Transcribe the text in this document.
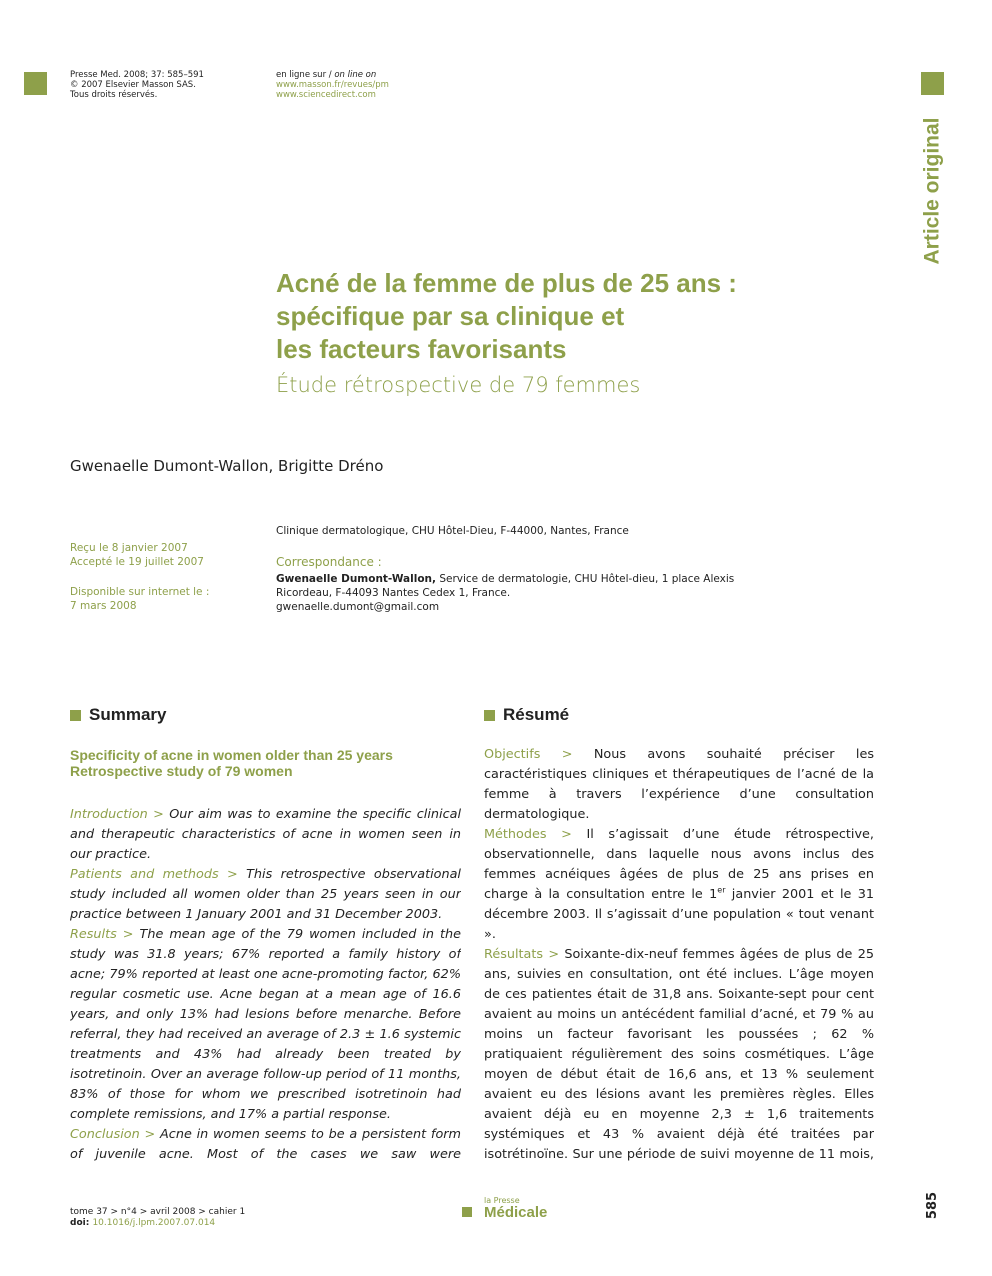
Presse Med. 2008; 37: 585–591
© 2007 Elsevier Masson SAS.
Tous droits réservés.
en ligne sur / on line on
www.masson.fr/revues/pm
www.sciencedirect.com
Article original
Acné de la femme de plus de 25 ans :
spécifique par sa clinique et
les facteurs favorisants
Étude rétrospective de 79 femmes
Gwenaelle Dumont-Wallon, Brigitte Dréno
Clinique dermatologique, CHU Hôtel-Dieu, F-44000, Nantes, France
Reçu le 8 janvier 2007
Accepté le 19 juillet 2007
Disponible sur internet le :
7 mars 2008
Correspondance :
Gwenaelle Dumont-Wallon, Service de dermatologie, CHU Hôtel-dieu, 1 place Alexis
Ricordeau, F-44093 Nantes Cedex 1, France.
gwenaelle.dumont@gmail.com
Summary	Résumé
Specificity of acne in women older than 25 years
Retrospective study of 79 women

Introduction > Our aim was to examine the specific clinical and therapeutic characteristics of acne in women seen in our practice.

Patients and methods > This retrospective observational study included all women older than 25 years seen in our practice between 1 January 2001 and 31 December 2003.

Results > The mean age of the 79 women included in the study was 31.8 years; 67% reported a family history of acne; 79% reported at least one acne-promoting factor, 62% regular cosmetic use. Acne began at a mean age of 16.6 years, and only 13% had lesions before menarche. Before referral, they had received an average of 2.3 ± 1.6 systemic treatments and 43% had already been treated by isotretinoin. Over an average follow-up period of 11 months, 83% of those for whom we prescribed isotretinoin had complete remissions, and 17% a partial response.

Conclusion > Acne in women seems to be a persistent form of juvenile acne. Most of the cases we saw were

Objectifs > Nous avons souhaité préciser les caractéristiques cliniques et thérapeutiques de l’acné de la femme à travers l’expérience d’une consultation dermatologique.

Méthodes > Il s’agissait d’une étude rétrospective, observationnelle, dans laquelle nous avons inclus des femmes acnéiques âgées de plus de 25 ans prises en charge à la consultation entre le 1er janvier 2001 et le 31 décembre 2003. Il s’agissait d’une population « tout venant ».

Résultats > Soixante-dix-neuf femmes âgées de plus de 25 ans, suivies en consultation, ont été inclues. L’âge moyen de ces patientes était de 31,8 ans. Soixante-sept pour cent avaient au moins un antécédent familial d’acné, et 79 % au moins un facteur favorisant les poussées ; 62 % pratiquaient régulièrement des soins cosmétiques. L’âge moyen de début était de 16,6 ans, et 13 % seulement avaient eu des lésions avant les premières règles. Elles avaient déjà eu en moyenne 2,3 ± 1,6 traitements systémiques et 43 % avaient déjà été traitées par isotrétinoïne. Sur une période de suivi moyenne de 11 mois,

tome 37 > n°4 > avril 2008 > cahier 1
doi: 10.1016/j.lpm.2007.07.014
la Presse
Médicale	585
